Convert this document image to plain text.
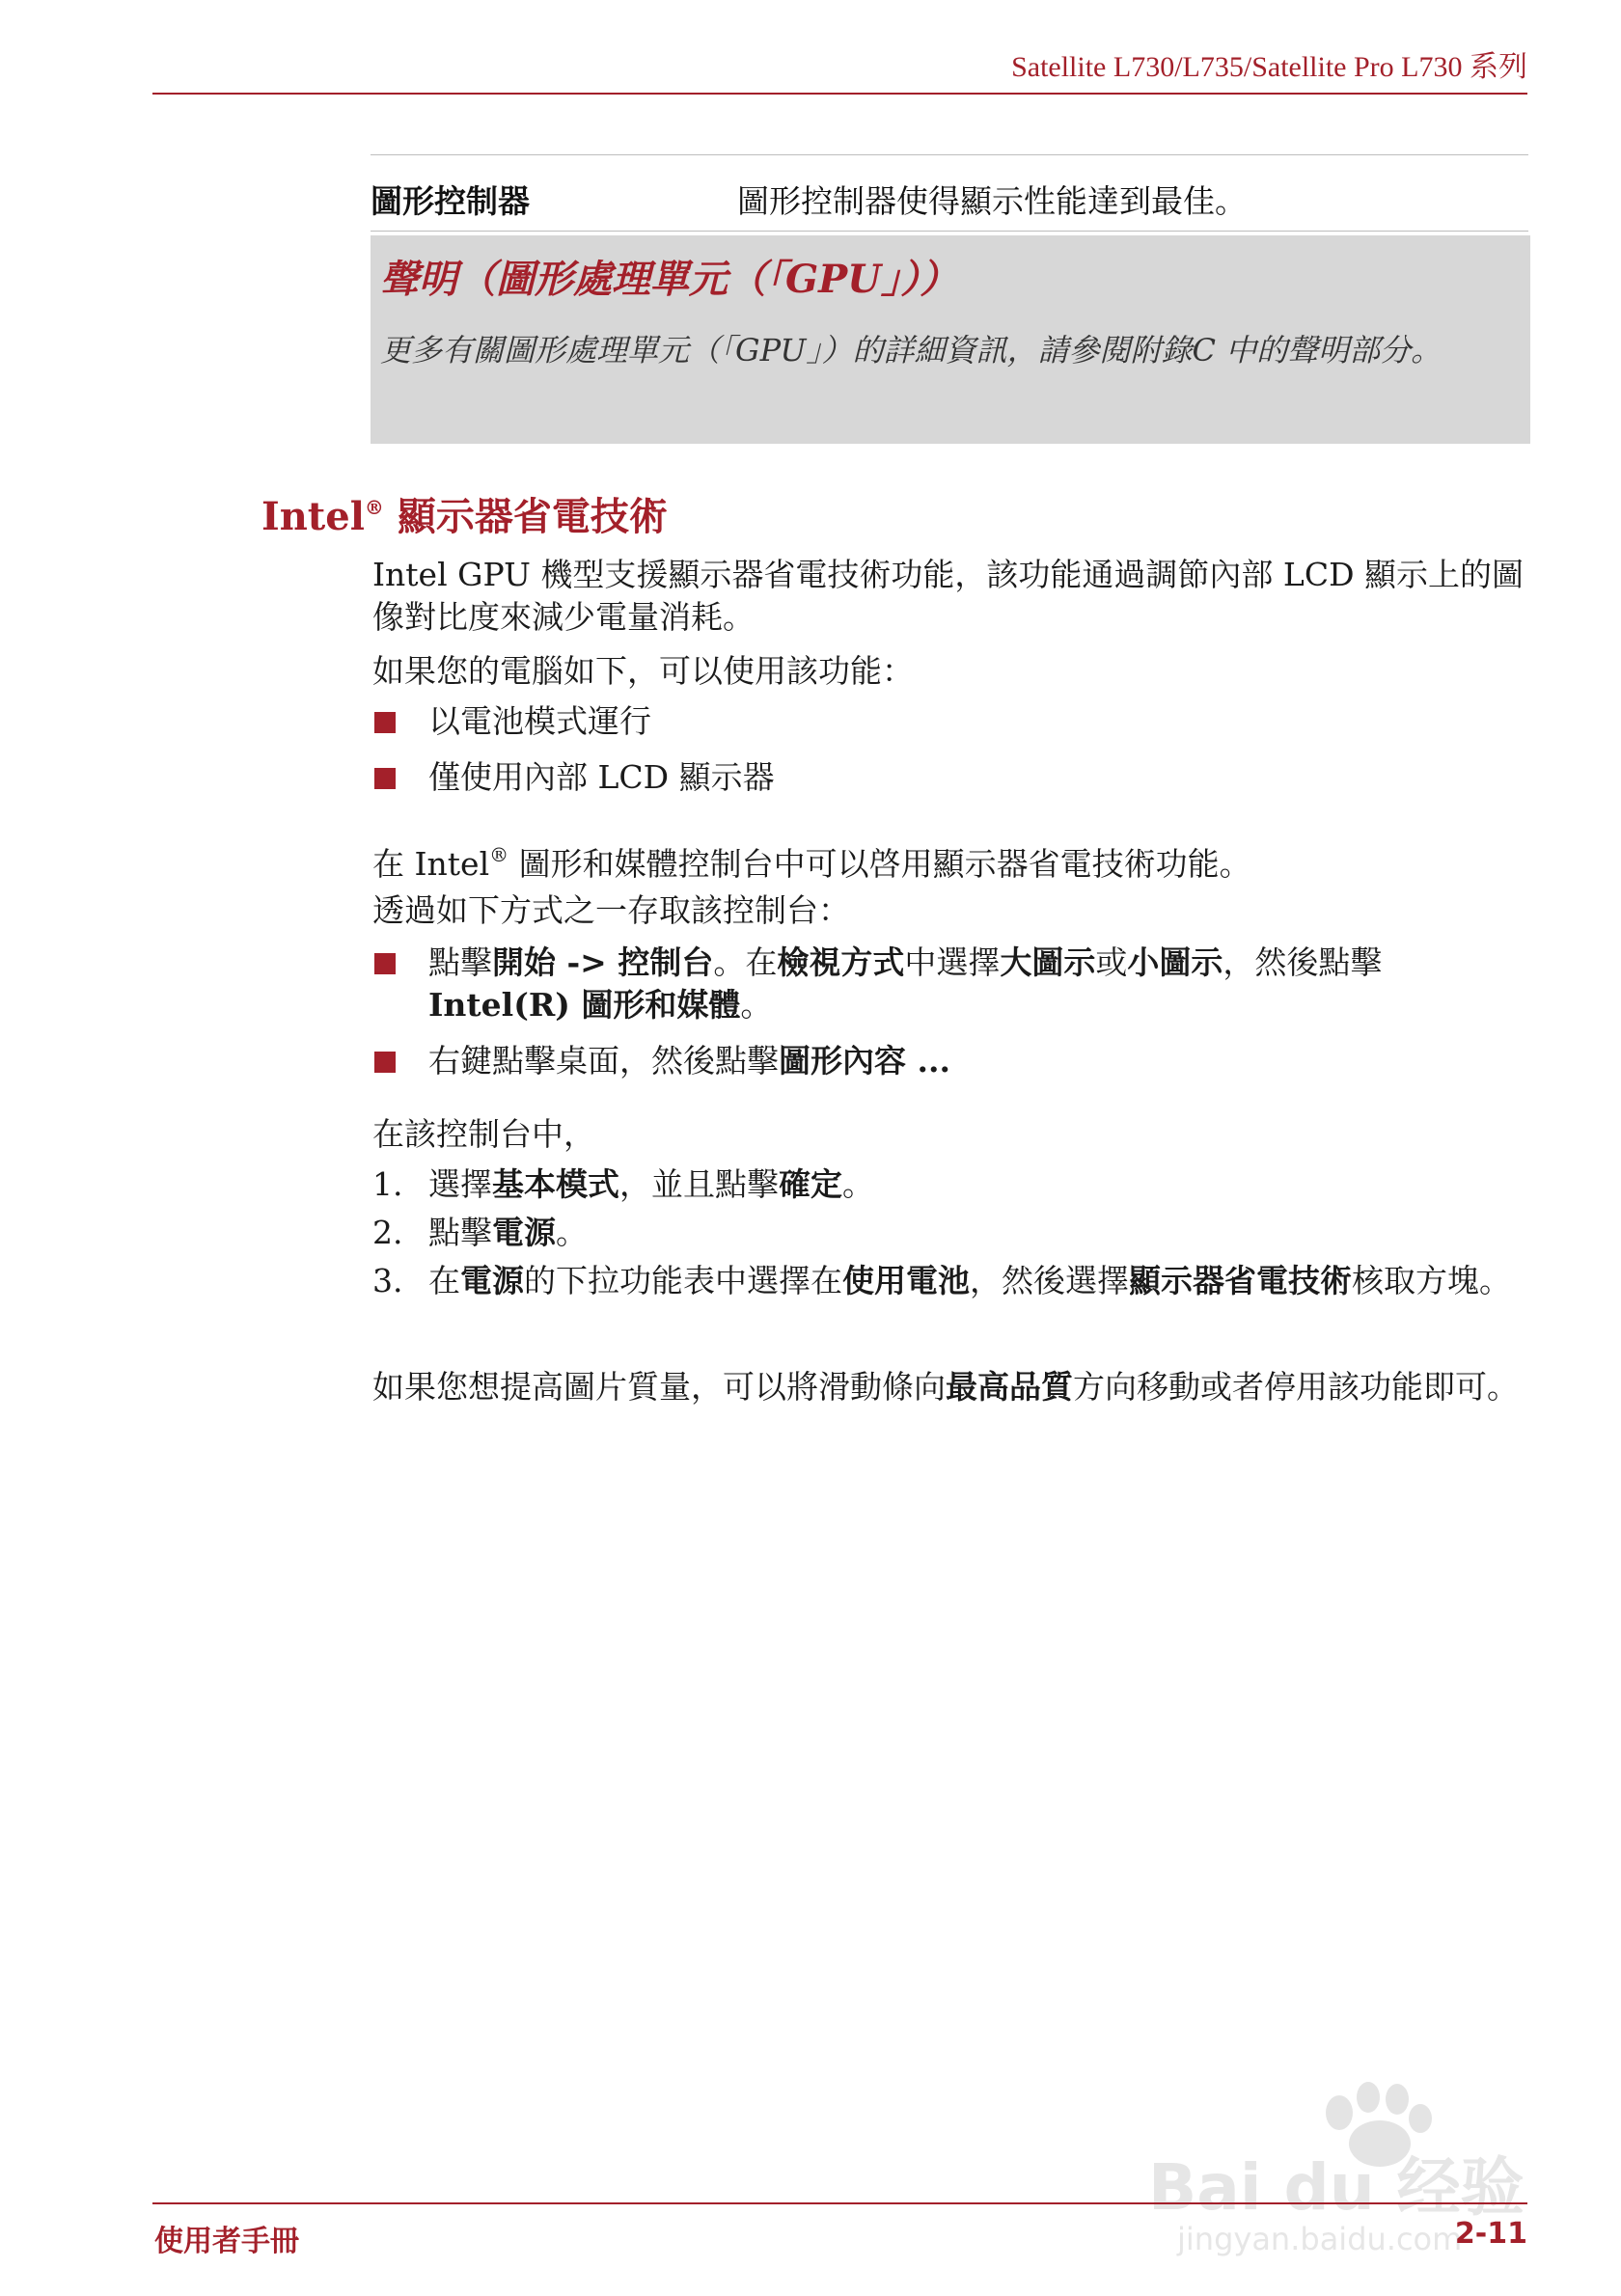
Satellite L730/L735/Satellite Pro L730 系列
圖形控制器	圖形控制器使得顯示性能達到最佳。
聲明（圖形處理單元（「GPU」））
更多有關圖形處理單元（「GPU」）的詳細資訊，請參閱附錄C 中的聲明部分。
Intel® 顯示器省電技術
Intel GPU 機型支援顯示器省電技術功能，該功能通過調節內部 LCD 顯示上的圖像對比度來減少電量消耗。
如果您的電腦如下，可以使用該功能：
以電池模式運行
僅使用內部 LCD 顯示器
在 Intel® 圖形和媒體控制台中可以啓用顯示器省電技術功能。
透過如下方式之一存取該控制台：
點擊開始 -> 控制台。在檢視方式中選擇大圖示或小圖示，然後點擊
Intel(R) 圖形和媒體。
右鍵點擊桌面，然後點擊圖形內容 ...
在該控制台中，
1. 選擇基本模式，並且點擊確定。
2. 點擊電源。
3. 在電源的下拉功能表中選擇在使用電池，然後選擇顯示器省電技術核取方塊。
如果您想提高圖片質量，可以將滑動條向最高品質方向移動或者停用該功能即可。
Bai du 经验
jingyan.baidu.com
使用者手冊	2-11
